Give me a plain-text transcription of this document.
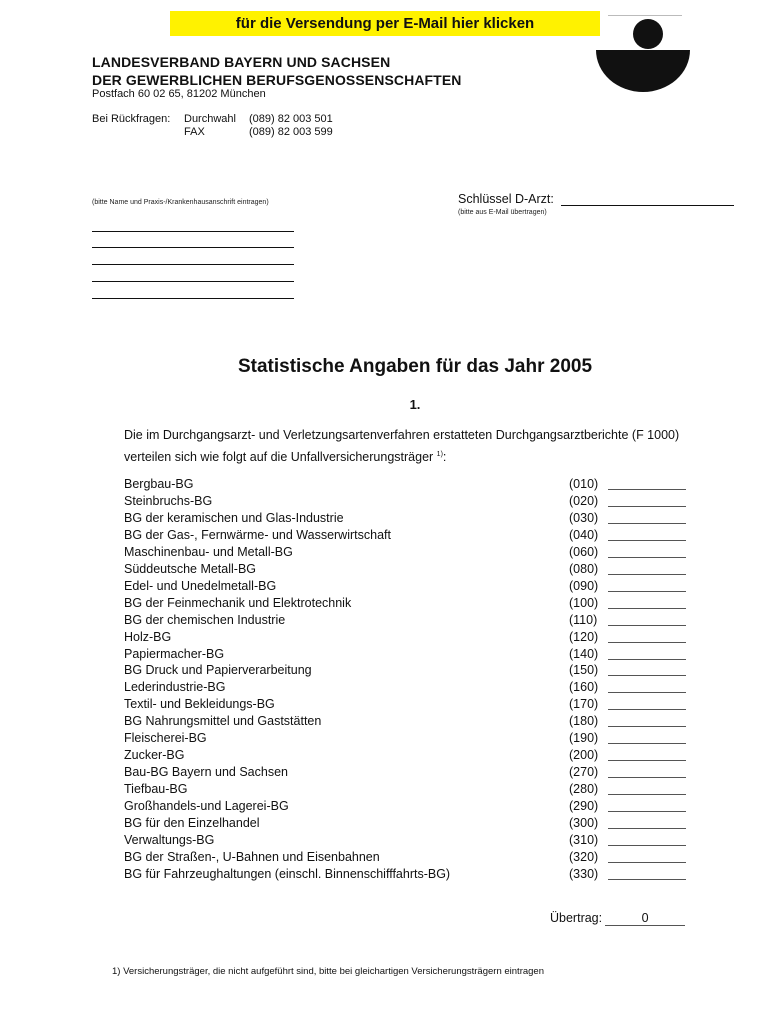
für die Versendung per E-Mail hier klicken
LANDESVERBAND BAYERN UND SACHSEN
DER GEWERBLICHEN BERUFSGENOSSENSCHAFTEN
Postfach 60 02 65, 81202 München
Bei Rückfragen: Durchwahl (089) 82 003 501
FAX	(089) 82 003 599
(bitte Name und Praxis-/Krankenhausanschrift eintragen)	Schlüssel D-Arzt:
(bitte aus E-Mail übertragen)
Statistische Angaben für das Jahr 2005
1.
Die im Durchgangsarzt- und Verletzungsartenverfahren erstatteten Durchgangsarztberichte (F 1000)
verteilen sich wie folgt auf die Unfallversicherungsträger $^{1)}$:
Bergbau-BG	(010)
Steinbruchs-BG	(020)
BG der keramischen und Glas-Industrie	(030)
BG der Gas-, Fernwärme- und Wasserwirtschaft	(040)
Maschinenbau- und Metall-BG	(060)
Süddeutsche Metall-BG	(080)
Edel- und Unedelmetall-BG	(090)
BG der Feinmechanik und Elektrotechnik	(100)
BG der chemischen Industrie	(110)
Holz-BG	(120)
Papiermacher-BG	(140)
BG Druck und Papierverarbeitung	(150)
Lederindustrie-BG	(160)
Textil- und Bekleidungs-BG	(170)
BG Nahrungsmittel und Gaststätten	(180)
Fleischerei-BG	(190)
Zucker-BG	(200)
Bau-BG Bayern und Sachsen	(270)
Tiefbau-BG	(280)
Großhandels-und Lagerei-BG	(290)
BG für den Einzelhandel	(300)
Verwaltungs-BG	(310)
BG der Straßen-, U-Bahnen und Eisenbahnen	(320)
BG für Fahrzeughaltungen (einschl. Binnenschifffahrts-BG)	(330)
Übertrag:	0
1) Versicherungsträger, die nicht aufgeführt sind, bitte bei gleichartigen Versicherungsträgern eintragen
